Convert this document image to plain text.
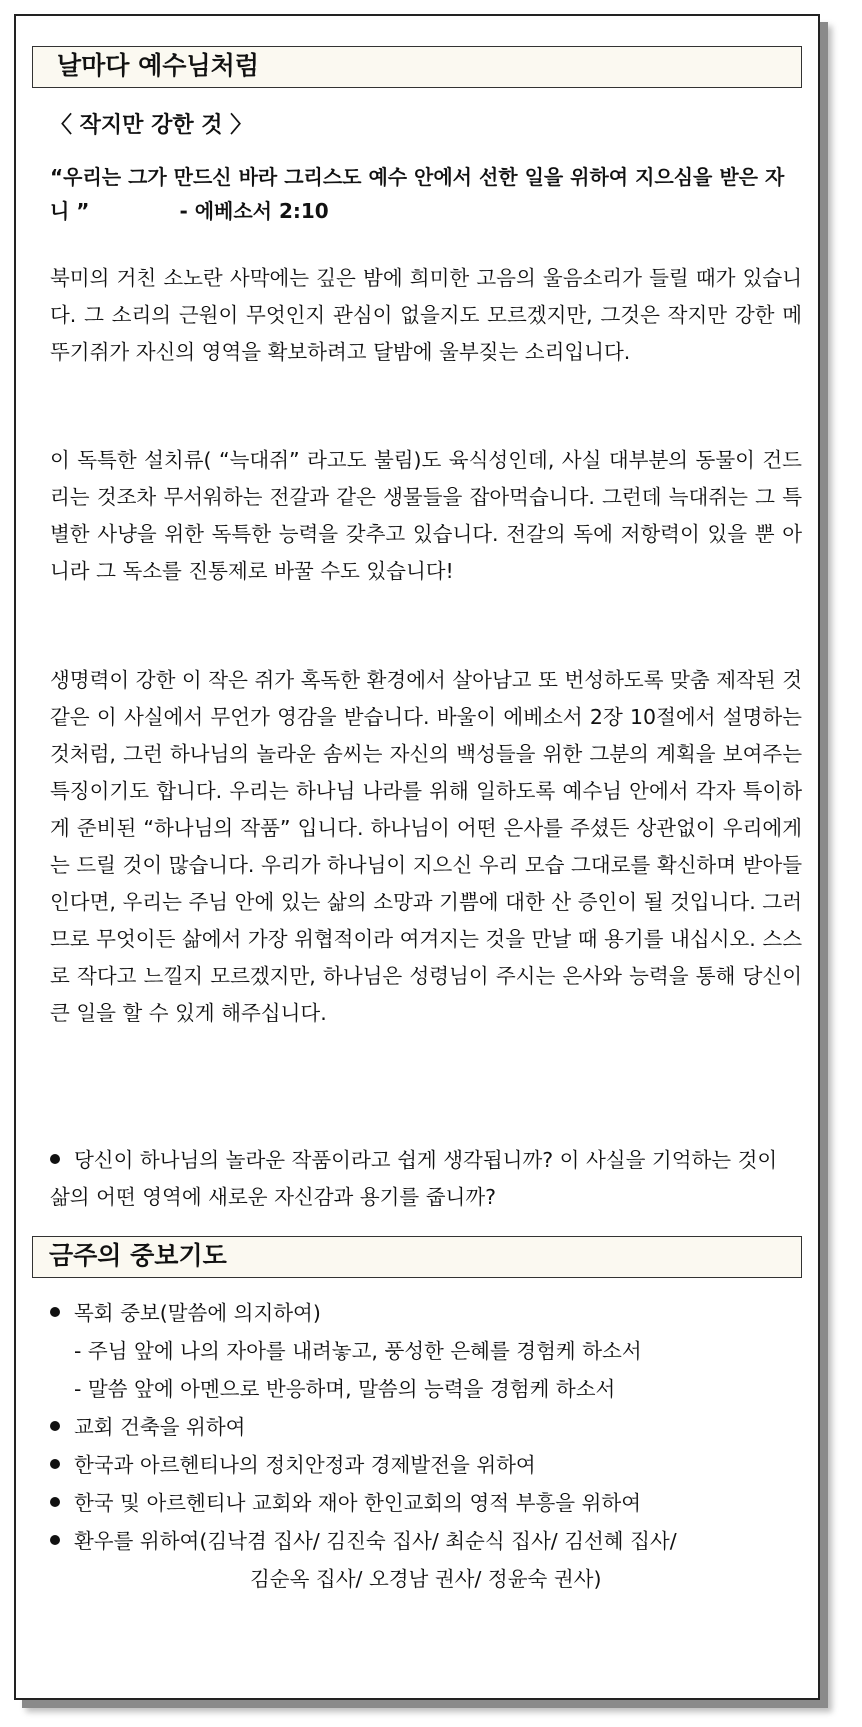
날마다 예수님처럼
〈 작지만 강한 것 〉
“우리는 그가 만드신 바라 그리스도 예수 안에서 선한 일을 위하여 지으심을 받은 자니 ”	- 에베소서 2:10
북미의 거친 소노란 사막에는 깊은 밤에 희미한 고음의 울음소리가 들릴 때가 있습니다. 그 소리의 근원이 무엇인지 관심이 없을지도 모르겠지만, 그것은 작지만 강한 메뚜기쥐가 자신의 영역을 확보하려고 달밤에 울부짖는 소리입니다.
이 독특한 설치류( “늑대쥐” 라고도 불림)도 육식성인데, 사실 대부분의 동물이 건드리는 것조차 무서워하는 전갈과 같은 생물들을 잡아먹습니다. 그런데 늑대쥐는 그 특별한 사냥을 위한 독특한 능력을 갖추고 있습니다. 전갈의 독에 저항력이 있을 뿐 아니라 그 독소를 진통제로 바꿀 수도 있습니다!
생명력이 강한 이 작은 쥐가 혹독한 환경에서 살아남고 또 번성하도록 맞춤 제작된 것 같은 이 사실에서 무언가 영감을 받습니다. 바울이 에베소서 2장 10절에서 설명하는 것처럼, 그런 하나님의 놀라운 솜씨는 자신의 백성들을 위한 그분의 계획을 보여주는 특징이기도 합니다. 우리는 하나님 나라를 위해 일하도록 예수님 안에서 각자 특이하게 준비된 “하나님의 작품” 입니다. 하나님이 어떤 은사를 주셨든 상관없이 우리에게는 드릴 것이 많습니다. 우리가 하나님이 지으신 우리 모습 그대로를 확신하며 받아들인다면, 우리는 주님 안에 있는 삶의 소망과 기쁨에 대한 산 증인이 될 것입니다. 그러므로 무엇이든 삶에서 가장 위협적이라 여겨지는 것을 만날 때 용기를 내십시오. 스스로 작다고 느낄지 모르겠지만, 하나님은 성령님이 주시는 은사와 능력을 통해 당신이 큰 일을 할 수 있게 해주십니다.
당신이 하나님의 놀라운 작품이라고 쉽게 생각됩니까? 이 사실을 기억하는 것이 삶의 어떤 영역에 새로운 자신감과 용기를 줍니까?
금주의 중보기도
목회 중보(말씀에 의지하여)
- 주님 앞에 나의 자아를 내려놓고, 풍성한 은혜를 경험케 하소서
- 말씀 앞에 아멘으로 반응하며, 말씀의 능력을 경험케 하소서
교회 건축을 위하여
한국과 아르헨티나의 정치안정과 경제발전을 위하여
한국 및 아르헨티나 교회와 재아 한인교회의 영적 부흥을 위하여
환우를 위하여(김낙겸 집사/ 김진숙 집사/ 최순식 집사/ 김선혜 집사/
김순옥 집사/ 오경남 권사/ 정윤숙 권사)
